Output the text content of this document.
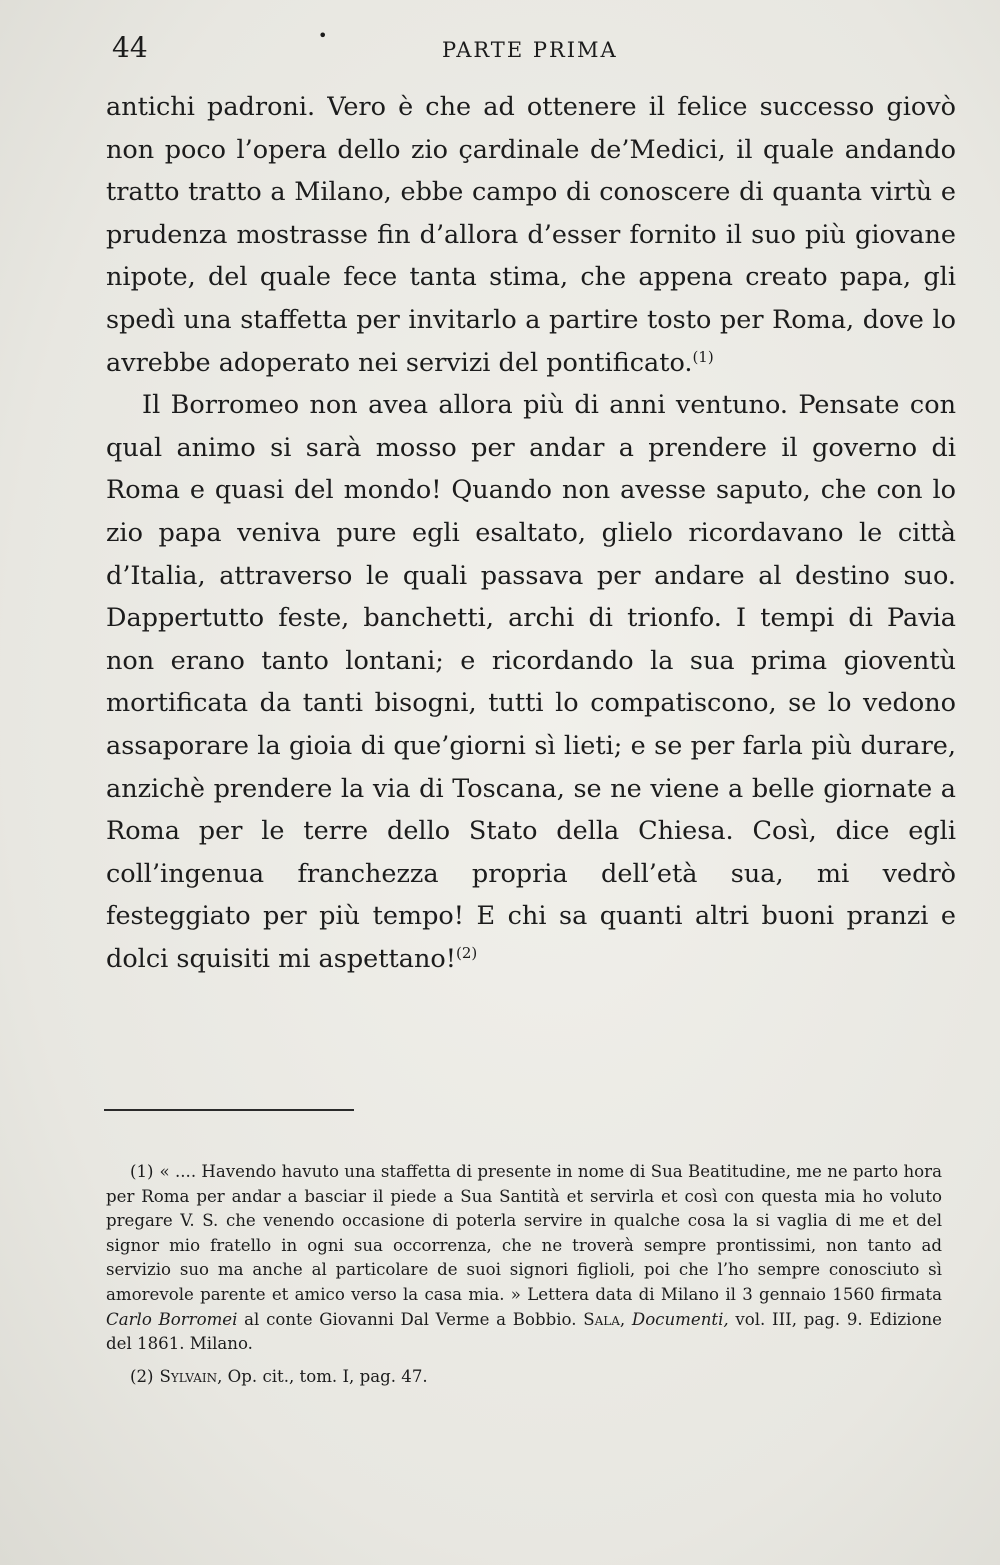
44	•
PARTE PRIMA

antichi padroni. Vero è che ad ottenere il felice successo giovò non poco l’opera dello zio çardinale de’Medici, il quale andando tratto tratto a Milano, ebbe campo di conoscere di quanta virtù e prudenza mostrasse fin d’allora d’esser fornito il suo più giovane nipote, del quale fece tanta stima, che appena creato papa, gli spedì una staffetta per invitarlo a partire tosto per Roma, dove lo avrebbe adoperato nei servizi del pontificato.$^{(1)}$

Il Borromeo non avea allora più di anni ventuno. Pensate con qual animo si sarà mosso per andar a prendere il governo di Roma e quasi del mondo! Quando non avesse saputo, che con lo zio papa veniva pure egli esaltato, glielo ricordavano le città d’Italia, attraverso le quali passava per andare al destino suo. Dappertutto feste, banchetti, archi di trionfo. I tempi di Pavia non erano tanto lontani; e ricordando la sua prima gioventù mortificata da tanti bisogni, tutti lo compatiscono, se lo vedono assaporare la gioia di que’giorni sì lieti; e se per farla più durare, anzichè prendere la via di Toscana, se ne viene a belle giornate a Roma per le terre dello Stato della Chiesa. Così, dice egli coll’ingenua franchezza propria dell’età sua, mi vedrò festeggiato per più tempo! E chi sa quanti altri buoni pranzi e dolci squisiti mi aspettano!$^{(2)}$

(1) « .... Havendo havuto una staffetta di presente in nome di Sua Beatitudine, me ne parto hora per Roma per andar a basciar il piede a Sua Santità et servirla et così con questa mia ho voluto pregare V. S. che venendo occasione di poterla servire in qualche cosa la si vaglia di me et del signor mio fratello in ogni sua occorrenza, che ne troverà sempre prontissimi, non tanto ad servizio suo ma anche al particolare de suoi signori figlioli, poi che l’ho sempre conosciuto sì amorevole parente et amico verso la casa mia. » Lettera data di Milano il 3 gennaio 1560 firmata Carlo Borromei al conte Giovanni Dal Verme a Bobbio. Sala, Documenti, vol. III, pag. 9. Edizione del 1861. Milano.

(2) Sylvain, Op. cit., tom. I, pag. 47.
